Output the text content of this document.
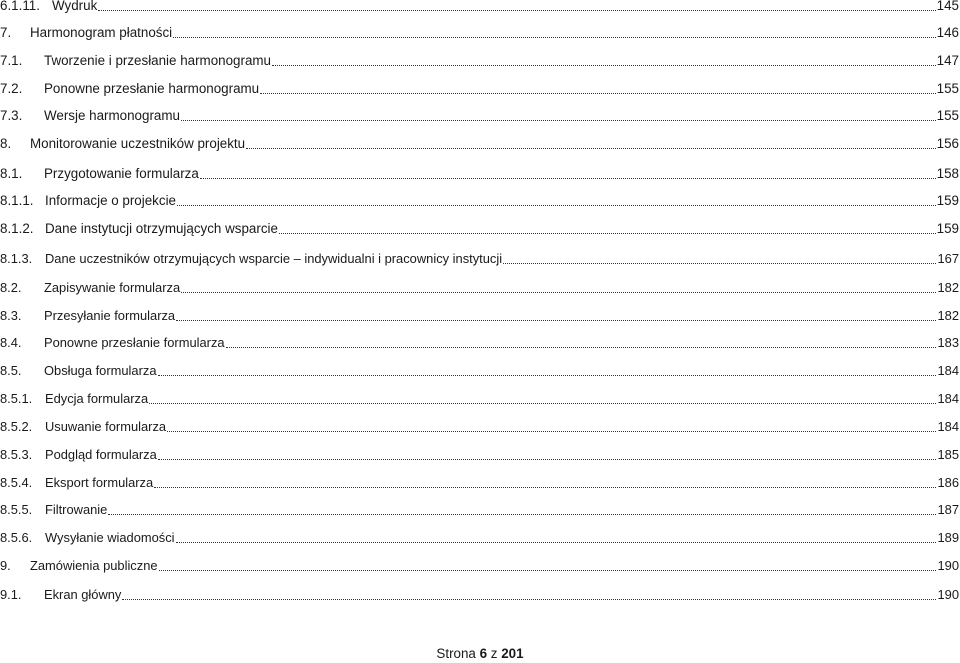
6.1.11. Wydruk	145
7.	Harmonogram płatności	146
7.1.	Tworzenie i przesłanie harmonogramu	147
7.2.	Ponowne przesłanie harmonogramu	155
7.3.	Wersje harmonogramu	155
8.	Monitorowanie uczestników projektu	156
8.1.	Przygotowanie formularza	158
8.1.1. Informacje o projekcie	159
8.1.2. Dane instytucji otrzymujących wsparcie	159
8.1.3. Dane uczestników otrzymujących wsparcie – indywidualni i pracownicy instytucji	167
8.2.	Zapisywanie formularza	182
8.3.	Przesyłanie formularza	182
8.4.	Ponowne przesłanie formularza	183
8.5.	Obsługa formularza	184
8.5.1. Edycja formularza	184
8.5.2. Usuwanie formularza	184
8.5.3. Podgląd formularza	185
8.5.4. Eksport formularza	186
8.5.5. Filtrowanie	187
8.5.6. Wysyłanie wiadomości	189
9.	Zamówienia publiczne	190
9.1.	Ekran główny	190
Strona 6 z 201
